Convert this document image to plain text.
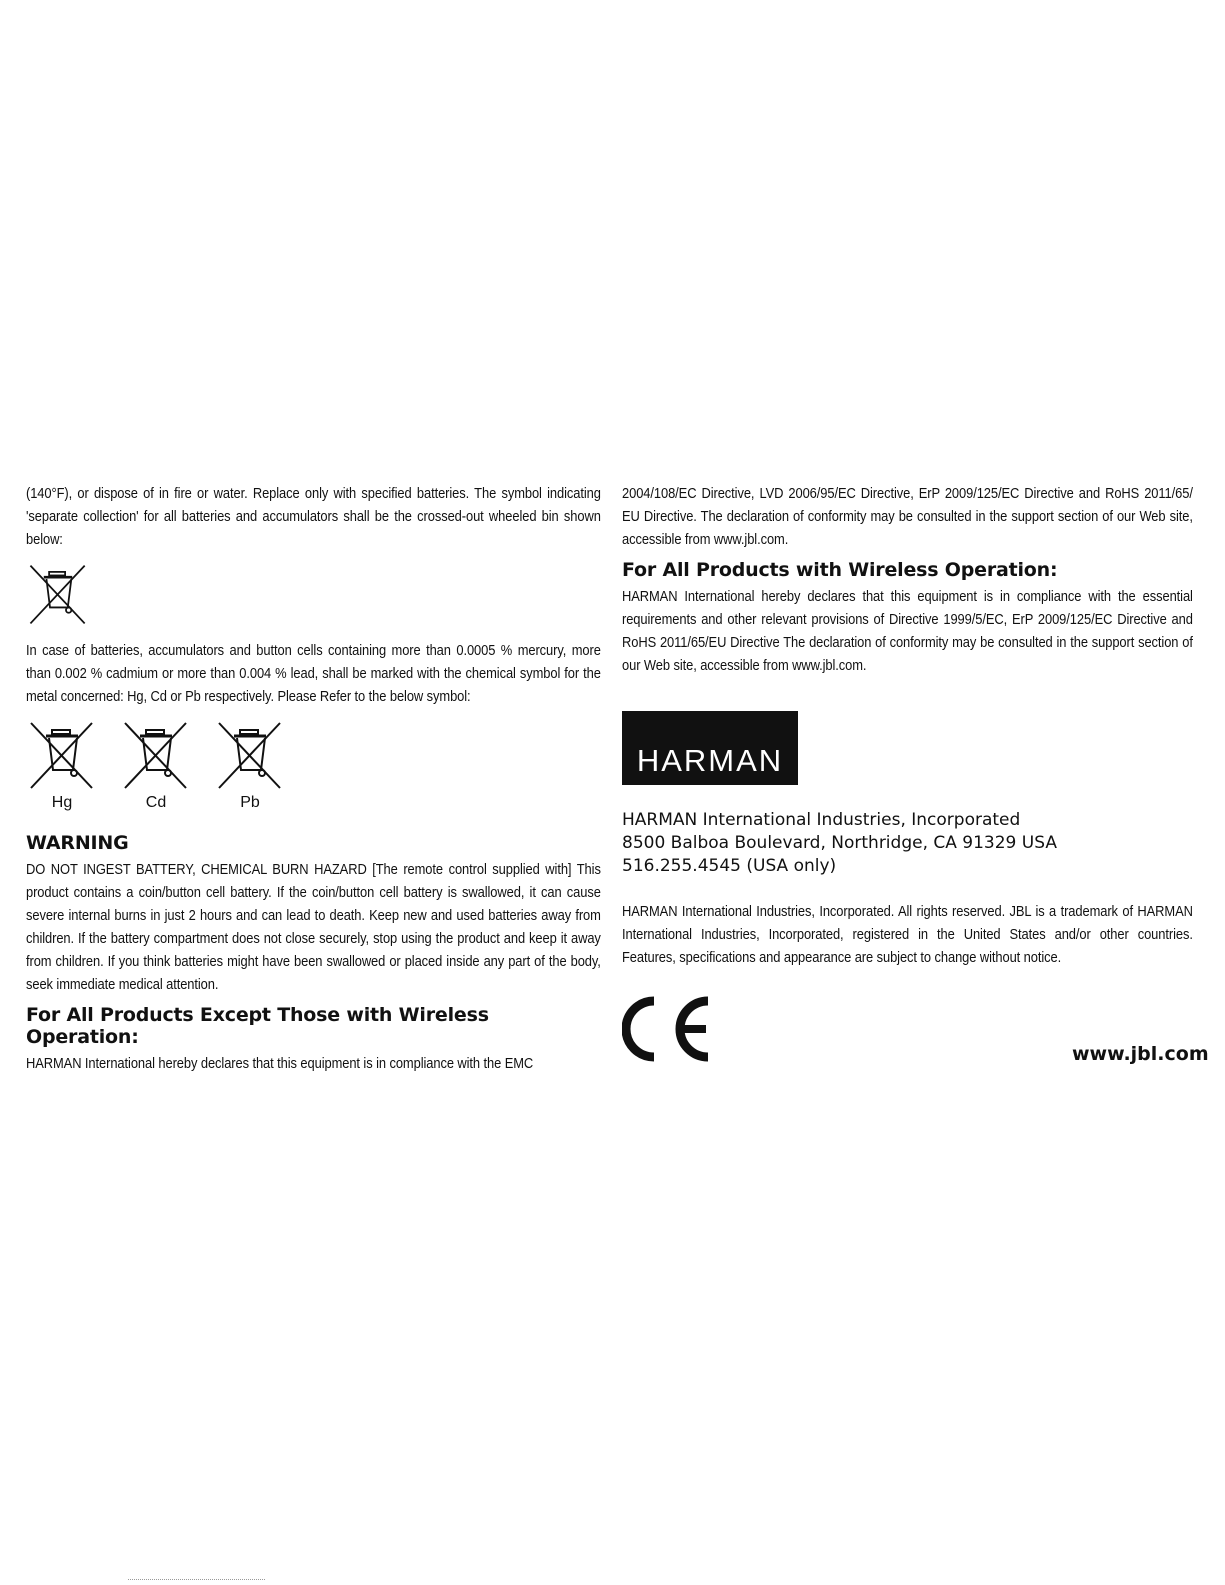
(140°F), or dispose of in fire or water. Replace only with specified batteries. The symbol indicating 'separate collection' for all batteries and accumulators shall be the crossed-out wheeled bin shown below:

In case of batteries, accumulators and button cells containing more than 0.0005 % mercury, more than 0.002 % cadmium or more than 0.004 % lead, shall be marked with the chemical symbol for the metal concerned: Hg, Cd or Pb respectively. Please Refer to the below symbol:

Hg	Cd	Pb
WARNING

DO NOT INGEST BATTERY, CHEMICAL BURN HAZARD [The remote control supplied with] This product contains a coin/button cell battery. If the coin/button cell battery is swallowed, it can cause severe internal burns in just 2 hours and can lead to death. Keep new and used batteries away from children. If the battery compartment does not close securely, stop using the product and keep it away from children. If you think batteries might have been swallowed or placed inside any part of the body, seek immediate medical attention.

For All Products Except Those with Wireless Operation:

HARMAN International hereby declares that this equipment is in compliance with the EMC

2004/108/EC Directive, LVD 2006/95/EC Directive, ErP 2009/125/EC Directive and RoHS 2011/65/ EU Directive. The declaration of conformity may be consulted in the support section of our Web site, accessible from www.jbl.com.

For All Products with Wireless Operation:

HARMAN International hereby declares that this equipment is in compliance with the essential requirements and other relevant provisions of Directive 1999/5/EC, ErP 2009/125/EC Directive and RoHS 2011/65/EU Directive The declaration of conformity may be consulted in the support section of our Web site, accessible from www.jbl.com.

HARMAN
HARMAN International Industries, Incorporated
8500 Balboa Boulevard, Northridge, CA 91329 USA
516.255.4545 (USA only)

HARMAN International Industries, Incorporated. All rights reserved. JBL is a trademark of HARMAN International Industries, Incorporated, registered in the United States and/or other countries. Features, specifications and appearance are subject to change without notice.

www.jbl.com
